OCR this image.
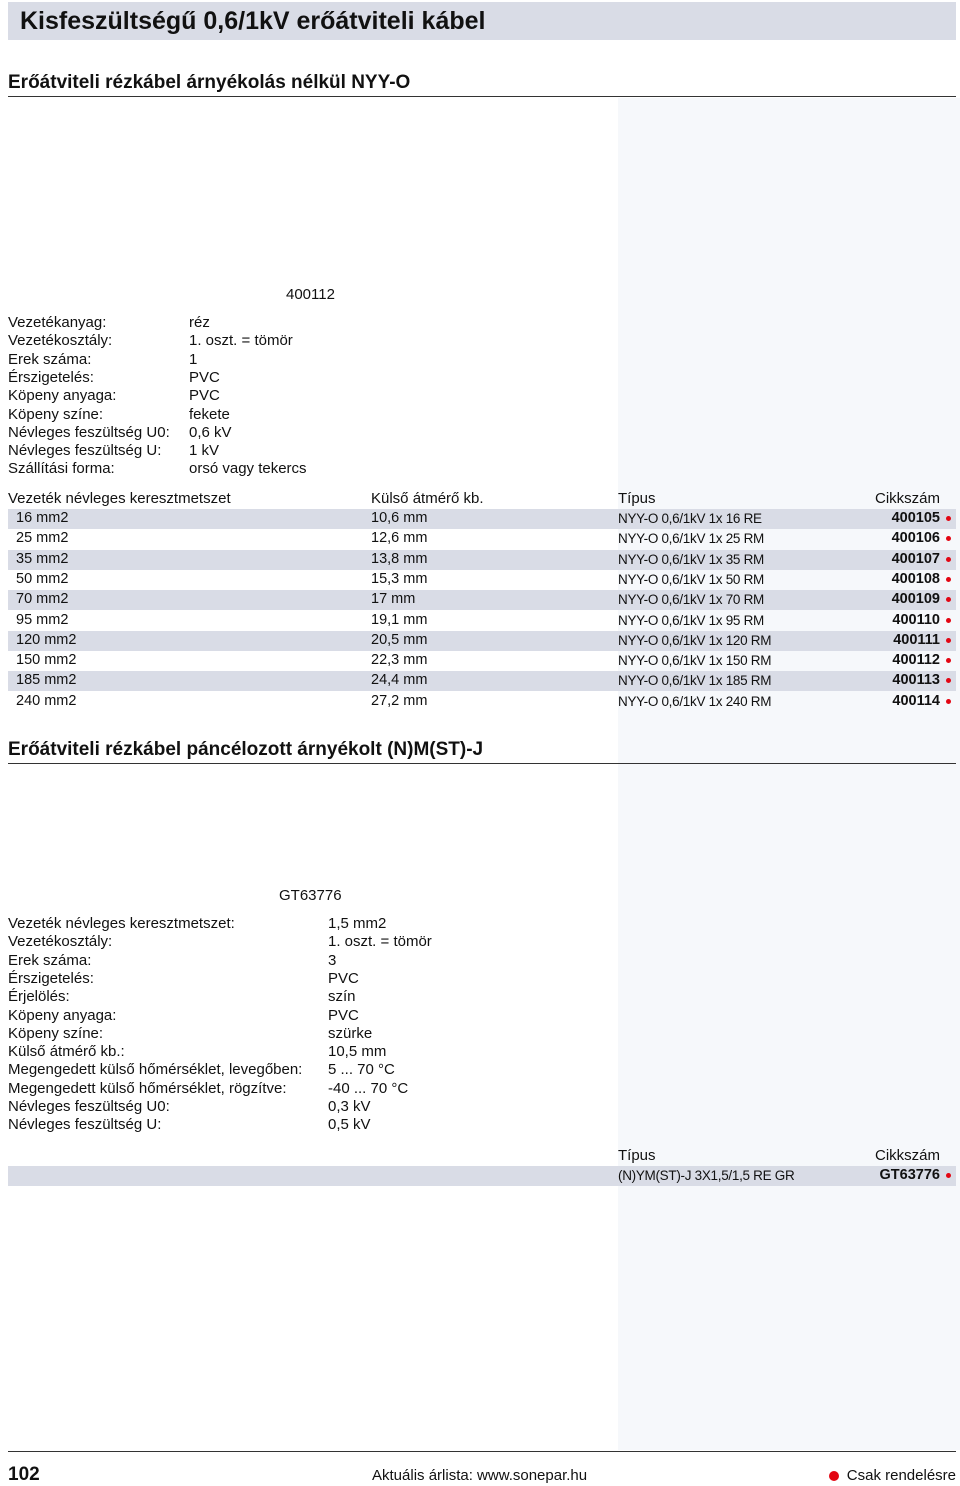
Kisfeszültségű 0,6/1kV erőátviteli kábel
Erőátviteli rézkábel árnyékolás nélkül NYY-O
400112
Vezetékanyag:	réz
Vezetékosztály:	1. oszt. = tömör
Erek száma:	1
Érszigetelés:	PVC
Köpeny anyaga:	PVC
Köpeny színe:	fekete
Névleges feszültség U0: 0,6 kV
Névleges feszültség U: 1 kV
Szállítási forma:	orsó vagy tekercs
Vezeték névleges keresztmetszet	Külső átmérő kb.	Típus	Cikkszám
16 mm2	10,6 mm	NYY-O 0,6/1kV 1x 16 RE	400105
25 mm2	12,6 mm	NYY-O 0,6/1kV 1x 25 RM	400106
35 mm2	13,8 mm	NYY-O 0,6/1kV 1x 35 RM	400107
50 mm2	15,3 mm	NYY-O 0,6/1kV 1x 50 RM	400108
70 mm2	17 mm	NYY-O 0,6/1kV 1x 70 RM	400109
95 mm2	19,1 mm	NYY-O 0,6/1kV 1x 95 RM	400110
120 mm2	20,5 mm	NYY-O 0,6/1kV 1x 120 RM	400111
150 mm2	22,3 mm	NYY-O 0,6/1kV 1x 150 RM	400112
185 mm2	24,4 mm	NYY-O 0,6/1kV 1x 185 RM	400113
240 mm2	27,2 mm	NYY-O 0,6/1kV 1x 240 RM	400114
Erőátviteli rézkábel páncélozott árnyékolt (N)M(ST)-J
GT63776
Vezeték névleges keresztmetszet:	1,5 mm2
Vezetékosztály:	1. oszt. = tömör
Erek száma:	3
Érszigetelés:	PVC
Érjelölés:	szín
Köpeny anyaga:	PVC
Köpeny színe:	szürke
Külső átmérő kb.:	10,5 mm
Megengedett külső hőmérséklet, levegőben: 5 ... 70 °C
Megengedett külső hőmérséklet, rögzítve:	-40 ... 70 °C
Névleges feszültség U0:	0,3 kV
Névleges feszültség U:	0,5 kV
Típus	Cikkszám
(N)YM(ST)-J 3X1,5/1,5 RE GR	GT63776
102	Aktuális árlista: www.sonepar.hu	Csak rendelésre
